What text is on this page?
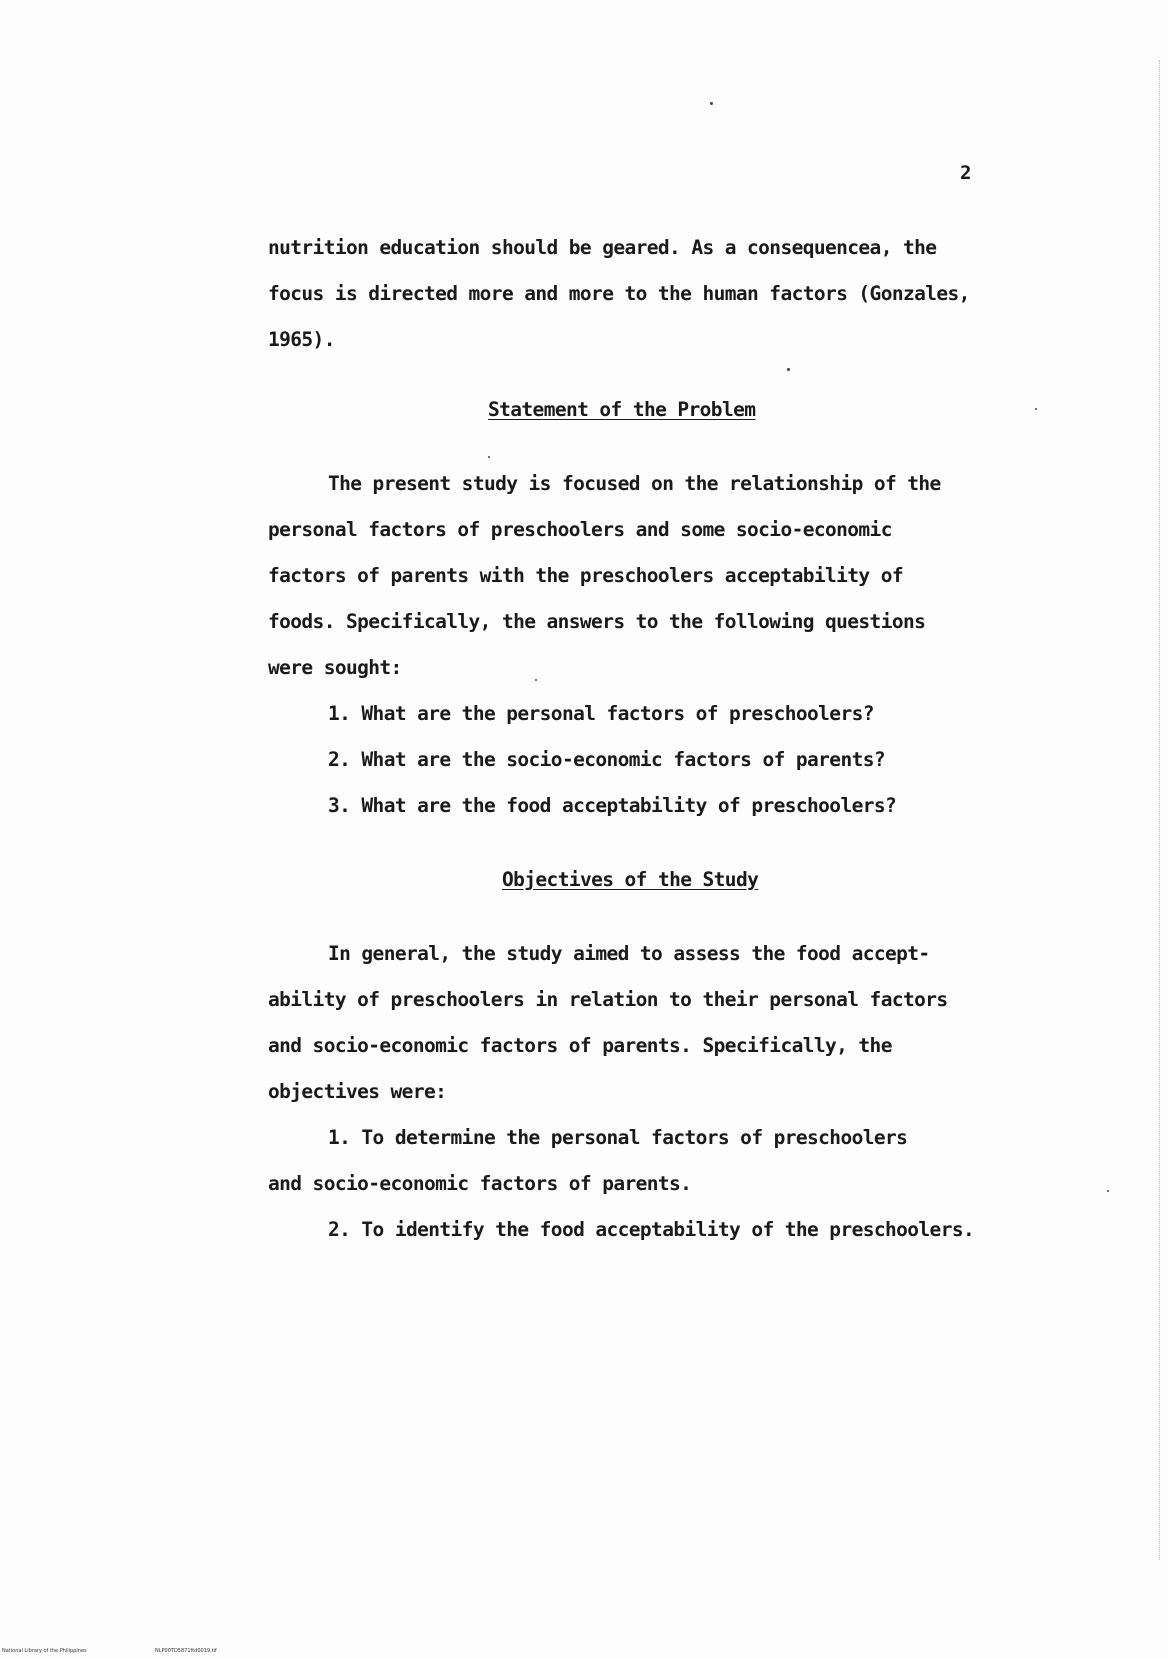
2
nutrition education should be geared. As a consequencea, the
focus is directed more and more to the human factors (Gonzales,
1965).
Statement of the Problem
The present study is focused on the relationship of the
personal factors of preschoolers and some socio-economic
factors of parents with the preschoolers acceptability of
foods. Specifically, the answers to the following questions
were sought:
1. What are the personal factors of preschoolers?
2. What are the socio-economic factors of parents?
3. What are the food acceptability of preschoolers?
Objectives of the Study
In general, the study aimed to assess the food accept-
ability of preschoolers in relation to their personal factors
and socio-economic factors of parents. Specifically, the
objectives were:
1. To determine the personal factors of preschoolers
and socio-economic factors of parents.
2. To identify the food acceptability of the preschoolers.
National Library of the Philippines	NLP00TD5871ftd0019.tif
